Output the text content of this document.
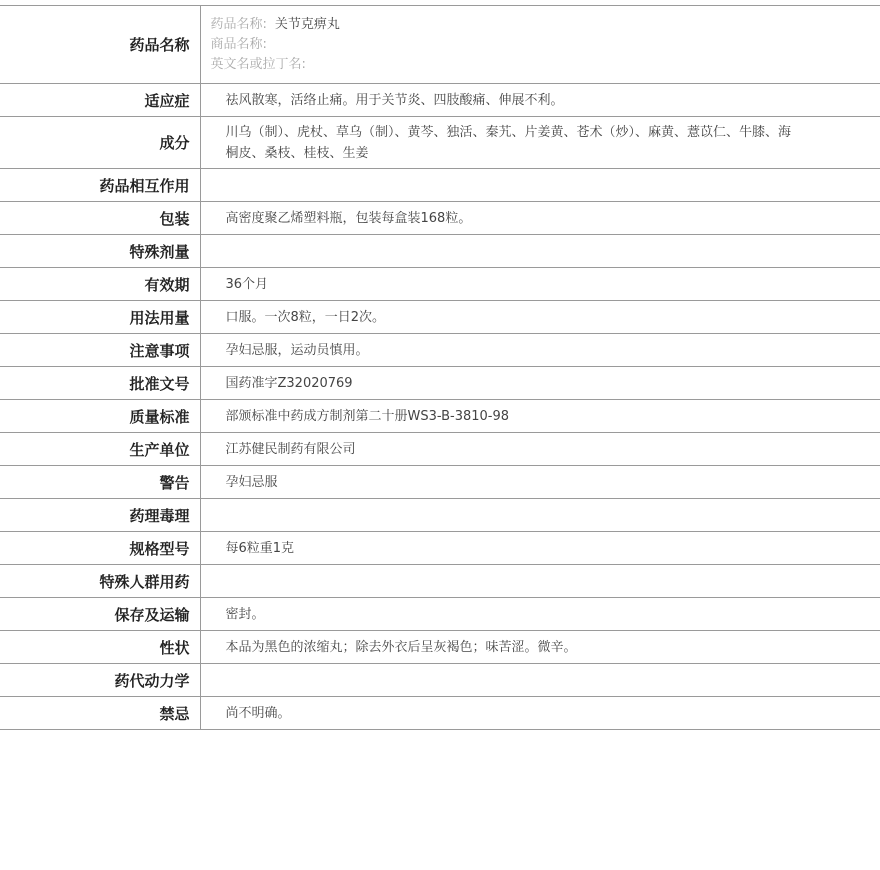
药品名称	药品名称: 关节克痹丸
商品名称:
英文名或拉丁名:

适应症	祛风散寒，活络止痛。用于关节炎、四肢酸痛、伸展不利。
成分	川乌（制）、虎杖、草乌（制）、黄芩、独活、秦艽、片姜黄、苍术（炒）、麻黄、薏苡仁、牛膝、海桐皮、桑枝、桂枝、生姜

药品相互作用	
包装	高密度聚乙烯塑料瓶，包装每盒装168粒。
特殊剂量	
有效期	36个月
用法用量	口服。一次8粒，一日2次。
注意事项	孕妇忌服，运动员慎用。
批准文号	国药准字Z32020769
质量标准	部颁标准中药成方制剂第二十册WS3-B-3810-98
生产单位	江苏健民制药有限公司
警告	孕妇忌服
药理毒理	
规格型号	每6粒重1克
特殊人群用药	
保存及运输	密封。
性状	本品为黑色的浓缩丸；除去外衣后呈灰褐色；味苦涩。微辛。
药代动力学	
禁忌	尚不明确。
